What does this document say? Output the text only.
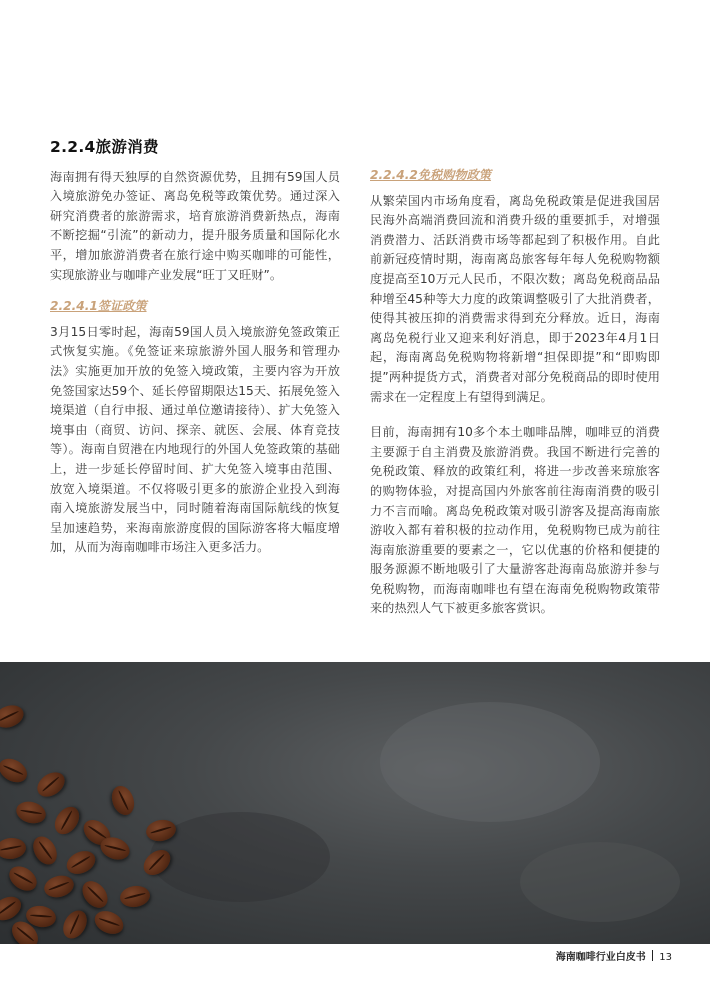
2.2.4旅游消费

海南拥有得天独厚的自然资源优势，且拥有59国人员入境旅游免办签证、离岛免税等政策优势。通过深入研究消费者的旅游需求，培育旅游消费新热点，海南不断挖掘“引流”的新动力，提升服务质量和国际化水平，增加旅游消费者在旅行途中购买咖啡的可能性，实现旅游业与咖啡产业发展“旺丁又旺财”。

2.2.4.1签证政策

3月15日零时起，海南59国人员入境旅游免签政策正式恢复实施。《免签证来琼旅游外国人服务和管理办法》实施更加开放的免签入境政策，主要内容为开放免签国家达59个、延长停留期限达15天、拓展免签入境渠道（自行申报、通过单位邀请接待）、扩大免签入境事由（商贸、访问、探亲、就医、会展、体育竞技等）。海南自贸港在内地现行的外国人免签政策的基础上，进一步延长停留时间、扩大免签入境事由范围、放宽入境渠道。不仅将吸引更多的旅游企业投入到海南入境旅游发展当中，同时随着海南国际航线的恢复呈加速趋势，来海南旅游度假的国际游客将大幅度增加，从而为海南咖啡市场注入更多活力。

2.2.4.2免税购物政策

从繁荣国内市场角度看，离岛免税政策是促进我国居民海外高端消费回流和消费升级的重要抓手，对增强消费潜力、活跃消费市场等都起到了积极作用。自此前新冠疫情时期，海南离岛旅客每年每人免税购物额度提高至10万元人民币，不限次数；离岛免税商品品种增至45种等大力度的政策调整吸引了大批消费者，使得其被压抑的消费需求得到充分释放。近日，海南离岛免税行业又迎来利好消息，即于2023年4月1日起，海南离岛免税购物将新增“担保即提”和“即购即提”两种提货方式，消费者对部分免税商品的即时使用需求在一定程度上有望得到满足。

目前，海南拥有10多个本土咖啡品牌，咖啡豆的消费主要源于自主消费及旅游消费。我国不断进行完善的免税政策、释放的政策红利，将进一步改善来琼旅客的购物体验，对提高国内外旅客前往海南消费的吸引力不言而喻。离岛免税政策对吸引游客及提高海南旅游收入都有着积极的拉动作用，免税购物已成为前往海南旅游重要的要素之一，它以优惠的价格和便捷的服务源源不断地吸引了大量游客赴海南岛旅游并参与免税购物，而海南咖啡也有望在海南免税购物政策带来的热烈人气下被更多旅客赏识。

海南咖啡行业白皮书 13
